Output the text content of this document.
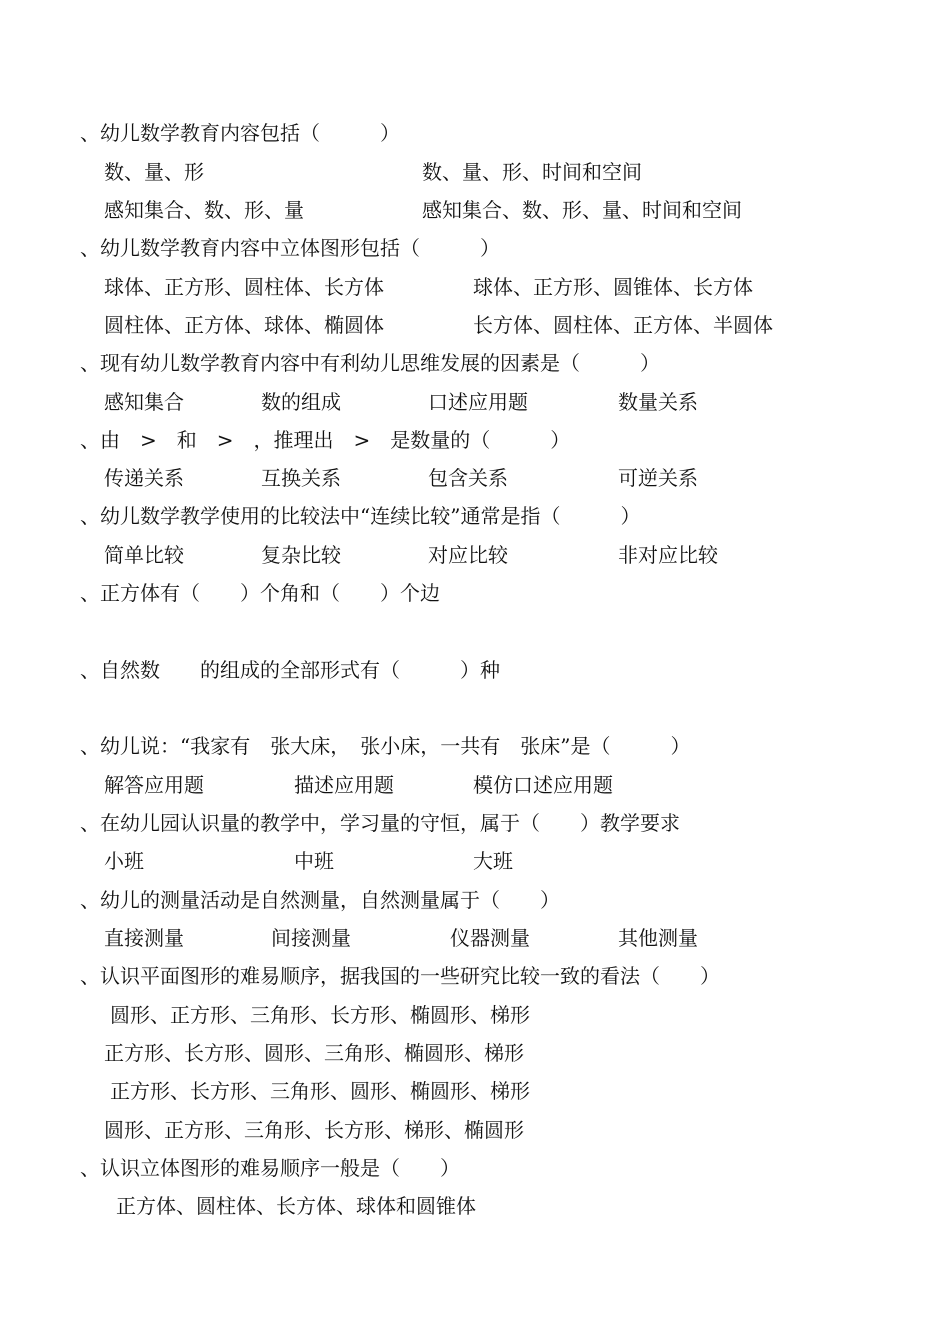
、幼儿数学教育内容包括（　　　）
数、量、形	数、量、形、时间和空间
感知集合、数、形、量	感知集合、数、形、量、时间和空间
、幼儿数学教育内容中立体图形包括（　　　）
球体、正方形、圆柱体、长方体	球体、正方形、圆锥体、长方体
圆柱体、正方体、球体、椭圆体	长方体、圆柱体、正方体、半圆体
、现有幼儿数学教育内容中有利幼儿思维发展的因素是（　　　）
感知集合	数的组成	口述应用题	数量关系
、由　>　和　>　，推理出　>　是数量的（　　　）
传递关系	互换关系	包含关系	可逆关系
、幼儿数学教学使用的比较法中“连续比较”通常是指（　　　）
简单比较	复杂比较	对应比较	非对应比较
、正方体有（　　）个角和（　　）个边
、自然数　　的组成的全部形式有（　　　）种
、幼儿说：“我家有　张大床，　张小床，一共有　张床”是（　　　）
解答应用题	描述应用题	模仿口述应用题
、在幼儿园认识量的教学中，学习量的守恒，属于（　　）教学要求
小班	中班	大班
、幼儿的测量活动是自然测量，自然测量属于（　　）
直接测量	间接测量	仪器测量	其他测量
、认识平面图形的难易顺序，据我国的一些研究比较一致的看法（　　）
圆形、正方形、三角形、长方形、椭圆形、梯形
正方形、长方形、圆形、三角形、椭圆形、梯形
正方形、长方形、三角形、圆形、椭圆形、梯形
圆形、正方形、三角形、长方形、梯形、椭圆形
、认识立体图形的难易顺序一般是（　　）
正方体、圆柱体、长方体、球体和圆锥体
